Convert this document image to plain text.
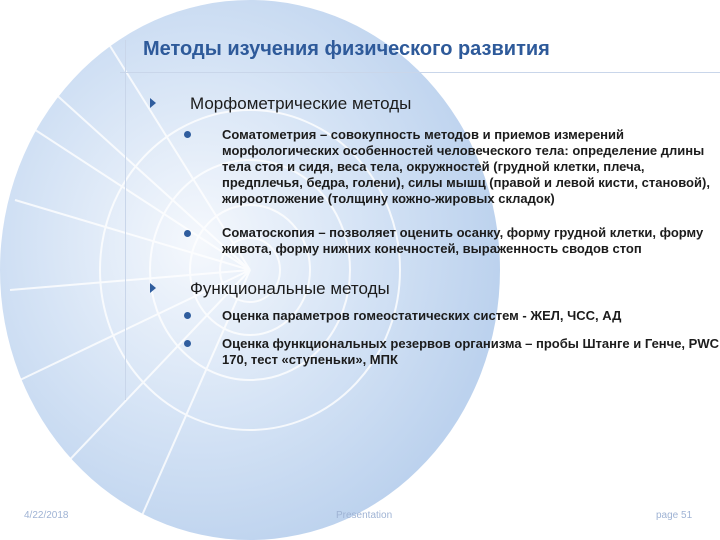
Методы изучения физического развития
Морфометрические методы
Соматометрия – совокупность методов и приемов измерений морфологических особенностей человеческого тела: определение длины тела стоя и сидя, веса тела, окружностей (грудной клетки, плеча, предплечья, бедра, голени), силы мышц (правой и левой кисти, становой), жироотложение (толщину кожно-жировых складок)
Соматоскопия – позволяет оценить осанку, форму грудной клетки, форму живота, форму нижних конечностей, выраженность сводов стоп
Функциональные методы
Оценка параметров гомеостатических систем - ЖЕЛ, ЧСС, АД
Оценка функциональных резервов организма – пробы Штанге и Генче, PWC 170, тест «ступеньки», МПК
4/22/2018	Presentation	page 51
